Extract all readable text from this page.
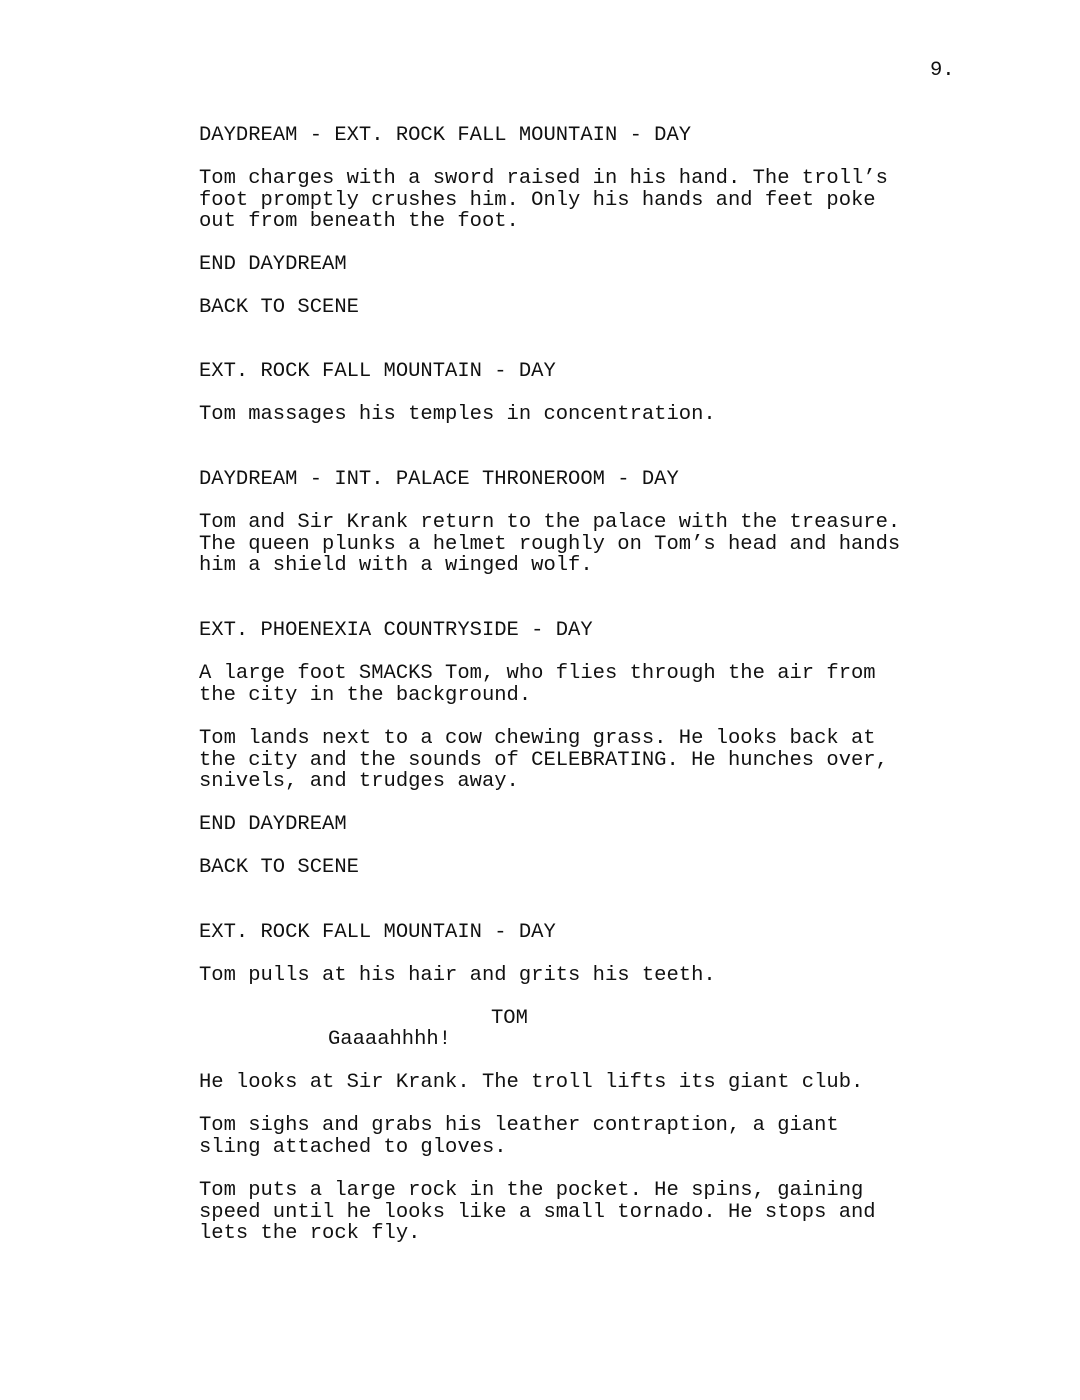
9.
DAYDREAM - EXT. ROCK FALL MOUNTAIN - DAY
Tom charges with a sword raised in his hand. The troll’s
foot promptly crushes him. Only his hands and feet poke
out from beneath the foot.
END DAYDREAM
BACK TO SCENE
EXT. ROCK FALL MOUNTAIN - DAY
Tom massages his temples in concentration.
DAYDREAM - INT. PALACE THRONEROOM - DAY
Tom and Sir Krank return to the palace with the treasure.
The queen plunks a helmet roughly on Tom’s head and hands
him a shield with a winged wolf.
EXT. PHOENEXIA COUNTRYSIDE - DAY
A large foot SMACKS Tom, who flies through the air from
the city in the background.
Tom lands next to a cow chewing grass. He looks back at
the city and the sounds of CELEBRATING. He hunches over,
snivels, and trudges away.
END DAYDREAM
BACK TO SCENE
EXT. ROCK FALL MOUNTAIN - DAY
Tom pulls at his hair and grits his teeth.
TOM
Gaaaahhhh!
He looks at Sir Krank. The troll lifts its giant club.
Tom sighs and grabs his leather contraption, a giant
sling attached to gloves.
Tom puts a large rock in the pocket. He spins, gaining
speed until he looks like a small tornado. He stops and
lets the rock fly.
